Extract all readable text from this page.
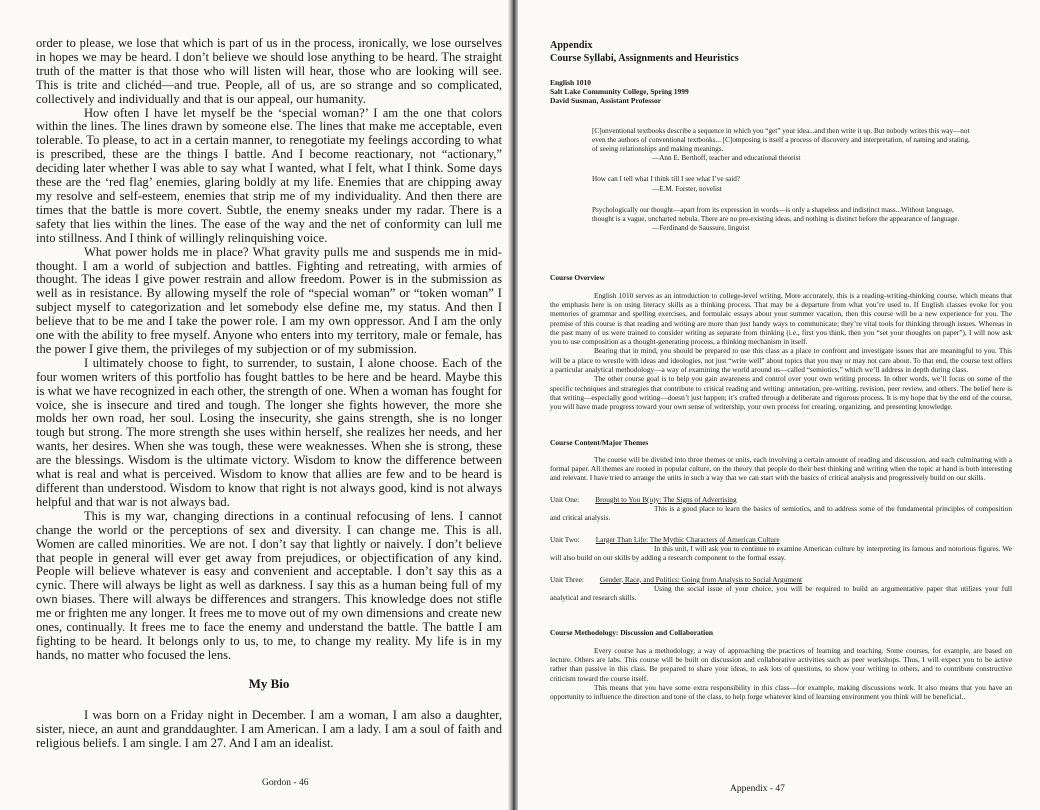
order to please, we lose that which is part of us in the process, ironically, we lose ourselves in hopes we may be heard. I don’t believe we should lose anything to be heard. The straight truth of the matter is that those who will listen will hear, those who are looking will see. This is trite and clichéd—and true. People, all of us, are so strange and so complicated, collectively and individually and that is our appeal, our humanity.

How often I have let myself be the ‘special woman?’ I am the one that colors within the lines. The lines drawn by someone else. The lines that make me acceptable, even tolerable. To please, to act in a certain manner, to renegotiate my feelings according to what is prescribed, these are the things I battle. And I become reactionary, not “actionary,” deciding later whether I was able to say what I wanted, what I felt, what I think. Some days these are the ‘red flag’ enemies, glaring boldly at my life. Enemies that are chipping away my resolve and self-esteem, enemies that strip me of my individuality. And then there are times that the battle is more covert. Subtle, the enemy sneaks under my radar. There is a safety that lies within the lines. The ease of the way and the net of conformity can lull me into stillness. And I think of willingly relinquishing voice.

What power holds me in place? What gravity pulls me and suspends me in mid-thought. I am a world of subjection and battles. Fighting and retreating, with armies of thought. The ideas I give power restrain and allow freedom. Power is in the submission as well as in resistance. By allowing myself the role of “special woman” or “token woman” I subject myself to categorization and let somebody else define me, my status. And then I believe that to be me and I take the power role. I am my own oppressor. And I am the only one with the ability to free myself. Anyone who enters into my territory, male or female, has the power I give them, the privileges of my subjection or of my submission.

I ultimately choose to fight, to surrender, to sustain, I alone choose. Each of the four women writers of this portfolio has fought battles to be here and be heard. Maybe this is what we have recognized in each other, the strength of one. When a woman has fought for voice, she is insecure and tired and tough. The longer she fights however, the more she molds her own road, her soul. Losing the insecurity, she gains strength, she is no longer tough but strong. The more strength she uses within herself, she realizes her needs, and her wants, her desires. When she was tough, these were weaknesses. When she is strong, these are the blessings. Wisdom is the ultimate victory. Wisdom to know the difference between what is real and what is perceived. Wisdom to know that allies are few and to be heard is different than understood. Wisdom to know that right is not always good, kind is not always helpful and that war is not always bad.

This is my war, changing directions in a continual refocusing of lens. I cannot change the world or the perceptions of sex and diversity. I can change me. This is all. Women are called minorities. We are not. I don’t say that lightly or naively. I don’t believe that people in general will ever get away from prejudices, or objectification of any kind. People will believe whatever is easy and convenient and acceptable. I don’t say this as a cynic. There will always be light as well as darkness. I say this as a human being full of my own biases. There will always be differences and strangers. This knowledge does not stifle me or frighten me any longer. It frees me to move out of my own dimensions and create new ones, continually. It frees me to face the enemy and understand the battle. The battle I am fighting to be heard. It belongs only to us, to me, to change my reality. My life is in my hands, no matter who focused the lens.

My Bio

I was born on a Friday night in December. I am a woman, I am also a daughter, sister, niece, an aunt and granddaughter. I am American. I am a lady. I am a soul of faith and religious beliefs. I am single. I am 27. And I am an idealist.

Gordon - 46
Appendix
Course Syllabi, Assignments and Heuristics
English 1010
Salt Lake Community College, Spring 1999
David Susman, Assistant Professor
[C]onventional textbooks describe a sequence in which you “get” your idea...and then write it up. But nobody writes this way—not even the authors of conventional textbooks... [C]omposing is itself a process of discovery and interpretation, of naming and stating, of seeing relationships and making meanings.
—Ann E. Berthoff, teacher and educational theorist
How can I tell what I think till I see what I’ve said?
—E.M. Forster, novelist
Psychologically our thought—apart from its expression in words—is only a shapeless and indistinct mass...Without language, thought is a vague, uncharted nebula. There are no pre-existing ideas, and nothing is distinct before the appearance of language.
—Ferdinand de Saussure, linguist
Course Overview

English 1010 serves as an introduction to college-level writing. More accurately, this is a reading-writing-thinking course, which means that the emphasis here is on using literacy skills as a thinking process. That may be a departure from what you’re used to. If English classes evoke for you memories of grammar and spelling exercises, and formulaic essays about your summer vacation, then this course will be a new experience for you. The premise of this course is that reading and writing are more than just handy ways to communicate; they’re vital tools for thinking through issues. Whereas in the past many of us were trained to consider writing as separate from thinking (i.e., first you think, then you “set your thoughts on paper”), I will now ask you to use composition as a thought-generating process, a thinking mechanism in itself.

Bearing that in mind, you should be prepared to use this class as a place to confront and investigate issues that are meaningful to you. This will be a place to wrestle with ideas and ideologies, not just “write well” about topics that you may or may not care about. To that end, the course text offers a particular analytical methodology—a way of examining the world around us—called “semiotics,” which we’ll address in depth during class.

The other course goal is to help you gain awareness and control over your own writing process. In other words, we’ll focus on some of the specific techniques and strategies that contribute to critical reading and writing: annotation, pre-writing, revision, peer review, and others. The belief here is that writing—especially good writing—doesn’t just happen; it’s crafted through a deliberate and rigorous process. It is my hope that by the end of the course, you will have made progress toward your own sense of writership, your own process for creating, organizing, and presenting knowledge.

Course Content/Major Themes

The course will be divided into three themes or units, each involving a certain amount of reading and discussion, and each culminating with a formal paper. All themes are rooted in popular culture, on the theory that people do their best thinking and writing when the topic at hand is both interesting and relevant. I have tried to arrange the units in such a way that we can start with the basics of critical analysis and progressively build on our skills.

Unit One: Brought to You B(u)y: The Signs of Advertising

This is a good place to learn the basics of semiotics, and to address some of the fundamental principles of composition and critical analysis.

Unit Two: Larger Than Life: The Mythic Characters of American Culture

In this unit, I will ask you to continue to examine American culture by interpreting its famous and notorious figures. We will also build on our skills by adding a research component to the formal essay.

Unit Three: Gender, Race, and Politics: Going from Analysis to Social Argument

Using the social issue of your choice, you will be required to build an argumentative paper that utilizes your full analytical and research skills.

Course Methodology: Discussion and Collaboration

Every course has a methodology, a way of approaching the practices of learning and teaching. Some courses, for example, are based on lecture. Others are labs. This course will be built on discussion and collaborative activities such as peer workshops. Thus, I will expect you to be active rather than passive in this class. Be prepared to share your ideas, to ask lots of questions, to show your writing to others, and to contribute constructive criticism toward the course itself.

This means that you have some extra responsibility in this class—for example, making discussions work. It also means that you have an opportunity to influence the direction and tone of the class, to help forge whatever kind of learning environment you think will be beneficial..

Appendix - 47
